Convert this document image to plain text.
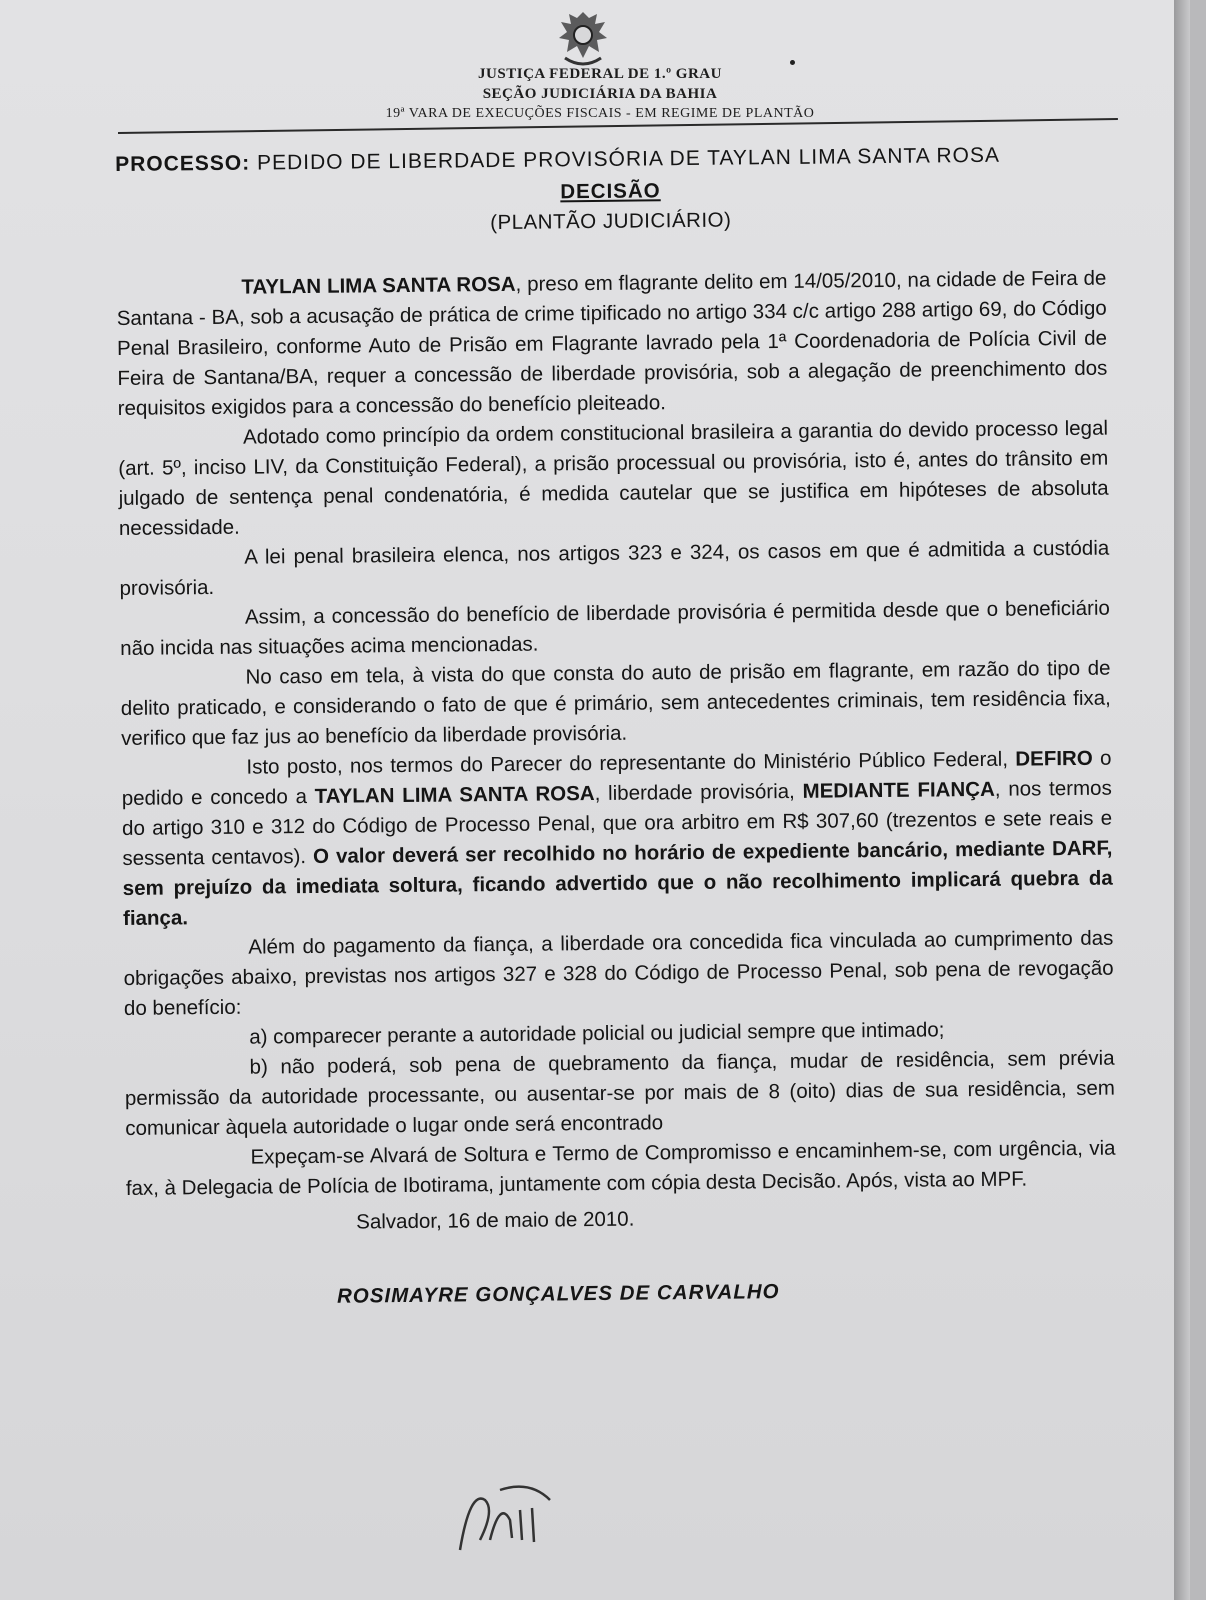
JUSTIÇA FEDERAL DE 1.º GRAU
SEÇÃO JUDICIÁRIA DA BAHIA
19ª VARA DE EXECUÇÕES FISCAIS - EM REGIME DE PLANTÃO

PROCESSO: PEDIDO DE LIBERDADE PROVISÓRIA DE TAYLAN LIMA SANTA ROSA

DECISÃO

(PLANTÃO JUDICIÁRIO)

TAYLAN LIMA SANTA ROSA, preso em flagrante delito em 14/05/2010, na cidade de Feira de Santana - BA, sob a acusação de prática de crime tipificado no artigo 334 c/c artigo 288 artigo 69, do Código Penal Brasileiro, conforme Auto de Prisão em Flagrante lavrado pela 1ª Coordenadoria de Polícia Civil de Feira de Santana/BA, requer a concessão de liberdade provisória, sob a alegação de preenchimento dos requisitos exigidos para a concessão do benefício pleiteado.

Adotado como princípio da ordem constitucional brasileira a garantia do devido processo legal (art. 5º, inciso LIV, da Constituição Federal), a prisão processual ou provisória, isto é, antes do trânsito em julgado de sentença penal condenatória, é medida cautelar que se justifica em hipóteses de absoluta necessidade.

A lei penal brasileira elenca, nos artigos 323 e 324, os casos em que é admitida a custódia provisória.

Assim, a concessão do benefício de liberdade provisória é permitida desde que o beneficiário não incida nas situações acima mencionadas.

No caso em tela, à vista do que consta do auto de prisão em flagrante, em razão do tipo de delito praticado, e considerando o fato de que é primário, sem antecedentes criminais, tem residência fixa, verifico que faz jus ao benefício da liberdade provisória.

Isto posto, nos termos do Parecer do representante do Ministério Público Federal, DEFIRO o pedido e concedo a TAYLAN LIMA SANTA ROSA, liberdade provisória, MEDIANTE FIANÇA, nos termos do artigo 310 e 312 do Código de Processo Penal, que ora arbitro em R$ 307,60 (trezentos e sete reais e sessenta centavos). O valor deverá ser recolhido no horário de expediente bancário, mediante DARF, sem prejuízo da imediata soltura, ficando advertido que o não recolhimento implicará quebra da fiança.

Além do pagamento da fiança, a liberdade ora concedida fica vinculada ao cumprimento das obrigações abaixo, previstas nos artigos 327 e 328 do Código de Processo Penal, sob pena de revogação do benefício:

a) comparecer perante a autoridade policial ou judicial sempre que intimado;

b) não poderá, sob pena de quebramento da fiança, mudar de residência, sem prévia permissão da autoridade processante, ou ausentar-se por mais de 8 (oito) dias de sua residência, sem comunicar àquela autoridade o lugar onde será encontrado

Expeçam-se Alvará de Soltura e Termo de Compromisso e encaminhem-se, com urgência, via fax, à Delegacia de Polícia de Ibotirama, juntamente com cópia desta Decisão. Após, vista ao MPF.

Salvador, 16 de maio de 2010.

ROSIMAYRE GONÇALVES DE CARVALHO
